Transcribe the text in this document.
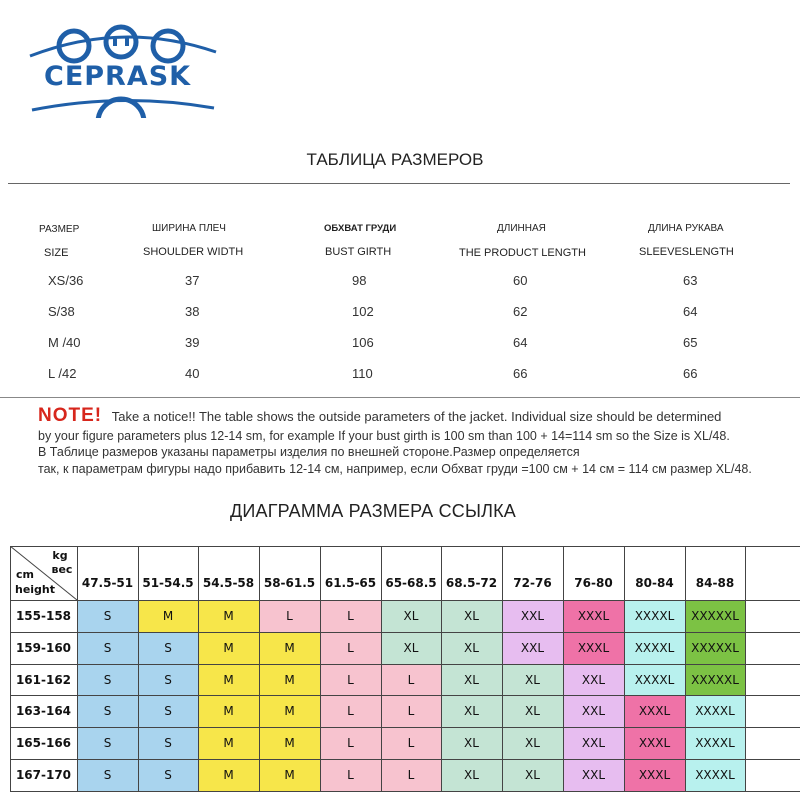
CEPRASK
ТАБЛИЦА РАЗМЕРОВ
РАЗМЕР	ШИРИНА ПЛЕЧ	ОБХВАТ ГРУДИ	ДЛИННАЯ	ДЛИНА РУКАВА
SIZE	SHOULDER WIDTH	BUST GIRTH	THE PRODUCT LENGTH	SLEEVESLENGTH
XS/36	37	98	60	63
S/38	38	102	62	64
M /40	39	106	64	65
L /42	40	110	66	66
NOTE! Take a notice!! The table shows the outside parameters of the jacket. Individual size should be determined
by your figure parameters plus 12-14 sm, for example If your bust girth is 100 sm than 100 + 14=114 sm so the Size is XL/48.
В Таблице размеров указаны параметры изделия по внешней стороне.Размер определяется
так, к параметрам фигуры надо прибавить 12-14 см, например, если Обхват груди =100 см + 14 см = 114 см размер XL/48.
ДИАГРАММА РАЗМЕРА ССЫЛКА
kg
вес
cm
height	47.5-51 51-54.5 54.5-58 58-61.5 61.5-65 65-68.5 68.5-72	72-76	76-80	80-84	84-88
155-158	S	M	M	L	L	XL	XL	XXL	XXXL	XXXXL	XXXXXL
159-160	S	S	M	M	L	XL	XL	XXL	XXXL	XXXXL	XXXXXL
161-162	S	S	M	M	L	L	XL	XL	XXL	XXXXL	XXXXXL
163-164	S	S	M	M	L	L	XL	XL	XXL	XXXL	XXXXL
165-166	S	S	M	M	L	L	XL	XL	XXL	XXXL	XXXXL
167-170	S	S	M	M	L	L	XL	XL	XXL	XXXL	XXXXL
